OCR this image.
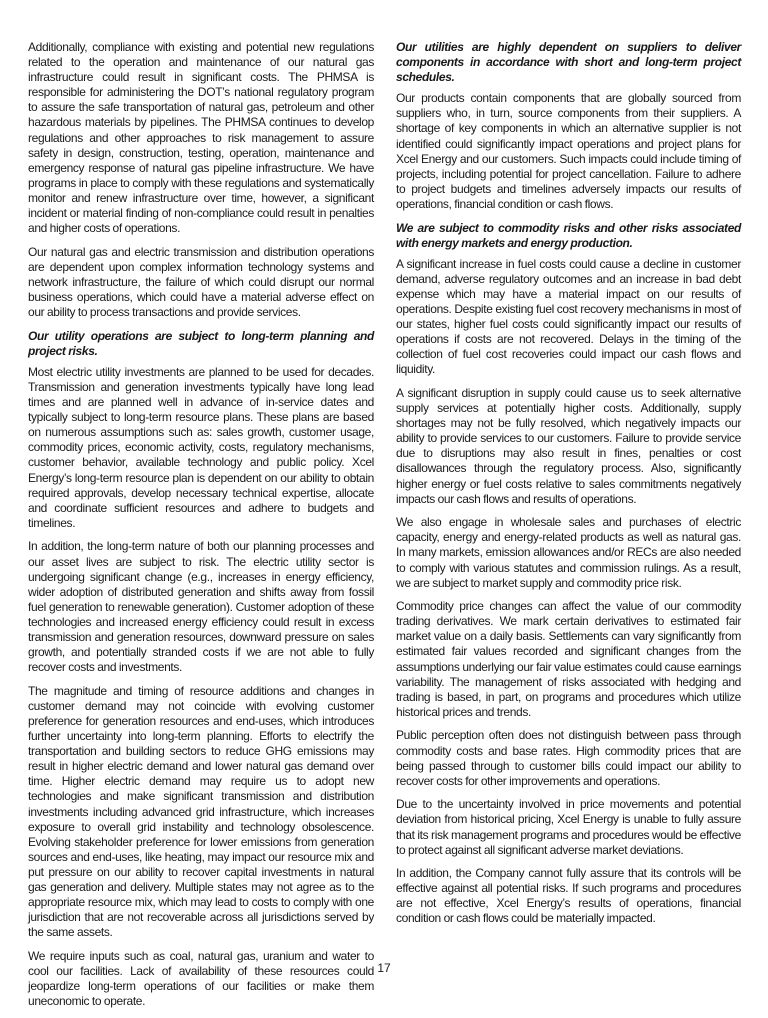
Additionally, compliance with existing and potential new regulations related to the operation and maintenance of our natural gas infrastructure could result in significant costs. The PHMSA is responsible for administering the DOT’s national regulatory program to assure the safe transportation of natural gas, petroleum and other hazardous materials by pipelines. The PHMSA continues to develop regulations and other approaches to risk management to assure safety in design, construction, testing, operation, maintenance and emergency response of natural gas pipeline infrastructure. We have programs in place to comply with these regulations and systematically monitor and renew infrastructure over time, however, a significant incident or material finding of non-compliance could result in penalties and higher costs of operations.

Our natural gas and electric transmission and distribution operations are dependent upon complex information technology systems and network infrastructure, the failure of which could disrupt our normal business operations, which could have a material adverse effect on our ability to process transactions and provide services.

Our utility operations are subject to long-term planning and project risks.

Most electric utility investments are planned to be used for decades. Transmission and generation investments typically have long lead times and are planned well in advance of in-service dates and typically subject to long-term resource plans. These plans are based on numerous assumptions such as: sales growth, customer usage, commodity prices, economic activity, costs, regulatory mechanisms, customer behavior, available technology and public policy. Xcel Energy’s long-term resource plan is dependent on our ability to obtain required approvals, develop necessary technical expertise, allocate and coordinate sufficient resources and adhere to budgets and timelines.

In addition, the long-term nature of both our planning processes and our asset lives are subject to risk. The electric utility sector is undergoing significant change (e.g., increases in energy efficiency, wider adoption of distributed generation and shifts away from fossil fuel generation to renewable generation). Customer adoption of these technologies and increased energy efficiency could result in excess transmission and generation resources, downward pressure on sales growth, and potentially stranded costs if we are not able to fully recover costs and investments.

The magnitude and timing of resource additions and changes in customer demand may not coincide with evolving customer preference for generation resources and end-uses, which introduces further uncertainty into long-term planning. Efforts to electrify the transportation and building sectors to reduce GHG emissions may result in higher electric demand and lower natural gas demand over time. Higher electric demand may require us to adopt new technologies and make significant transmission and distribution investments including advanced grid infrastructure, which increases exposure to overall grid instability and technology obsolescence. Evolving stakeholder preference for lower emissions from generation sources and end-uses, like heating, may impact our resource mix and put pressure on our ability to recover capital investments in natural gas generation and delivery. Multiple states may not agree as to the appropriate resource mix, which may lead to costs to comply with one jurisdiction that are not recoverable across all jurisdictions served by the same assets.

We require inputs such as coal, natural gas, uranium and water to cool our facilities. Lack of availability of these resources could jeopardize long-term operations of our facilities or make them uneconomic to operate.

Our utilities are highly dependent on suppliers to deliver components in accordance with short and long-term project schedules.

Our products contain components that are globally sourced from suppliers who, in turn, source components from their suppliers. A shortage of key components in which an alternative supplier is not identified could significantly impact operations and project plans for Xcel Energy and our customers. Such impacts could include timing of projects, including potential for project cancellation. Failure to adhere to project budgets and timelines adversely impacts our results of operations, financial condition or cash flows.

We are subject to commodity risks and other risks associated with energy markets and energy production.

A significant increase in fuel costs could cause a decline in customer demand, adverse regulatory outcomes and an increase in bad debt expense which may have a material impact on our results of operations. Despite existing fuel cost recovery mechanisms in most of our states, higher fuel costs could significantly impact our results of operations if costs are not recovered. Delays in the timing of the collection of fuel cost recoveries could impact our cash flows and liquidity.

A significant disruption in supply could cause us to seek alternative supply services at potentially higher costs. Additionally, supply shortages may not be fully resolved, which negatively impacts our ability to provide services to our customers. Failure to provide service due to disruptions may also result in fines, penalties or cost disallowances through the regulatory process. Also, significantly higher energy or fuel costs relative to sales commitments negatively impacts our cash flows and results of operations.

We also engage in wholesale sales and purchases of electric capacity, energy and energy-related products as well as natural gas. In many markets, emission allowances and/or RECs are also needed to comply with various statutes and commission rulings. As a result, we are subject to market supply and commodity price risk.

Commodity price changes can affect the value of our commodity trading derivatives. We mark certain derivatives to estimated fair market value on a daily basis. Settlements can vary significantly from estimated fair values recorded and significant changes from the assumptions underlying our fair value estimates could cause earnings variability. The management of risks associated with hedging and trading is based, in part, on programs and procedures which utilize historical prices and trends.

Public perception often does not distinguish between pass through commodity costs and base rates. High commodity prices that are being passed through to customer bills could impact our ability to recover costs for other improvements and operations.

Due to the uncertainty involved in price movements and potential deviation from historical pricing, Xcel Energy is unable to fully assure that its risk management programs and procedures would be effective to protect against all significant adverse market deviations.

In addition, the Company cannot fully assure that its controls will be effective against all potential risks. If such programs and procedures are not effective, Xcel Energy’s results of operations, financial condition or cash flows could be materially impacted.

17
